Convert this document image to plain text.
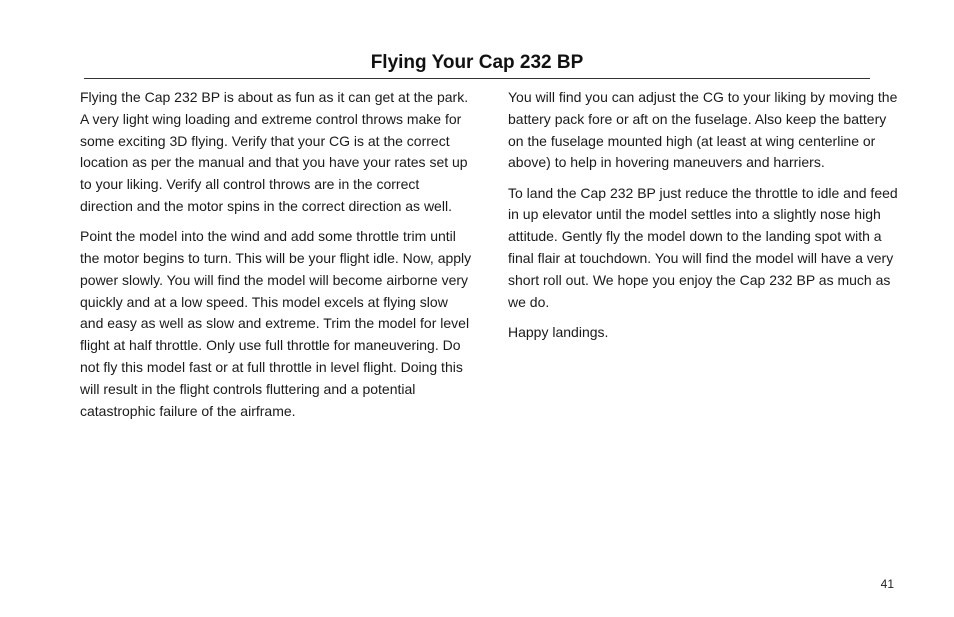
Flying Your Cap 232 BP

Flying the Cap 232 BP is about as fun as it can get at the park. A very light wing loading and extreme control throws make for some exciting 3D flying. Verify that your CG is at the correct location as per the manual and that you have your rates set up to your liking. Verify all control throws are in the correct direction and the motor spins in the correct direction as well.

Point the model into the wind and add some throttle trim until the motor begins to turn. This will be your flight idle. Now, apply power slowly. You will find the model will become airborne very quickly and at a low speed. This model excels at flying slow and easy as well as slow and extreme. Trim the model for level flight at half throttle. Only use full throttle for maneuvering. Do not fly this model fast or at full throttle in level flight. Doing this will result in the flight controls fluttering and a potential catastrophic failure of the airframe.

You will find you can adjust the CG to your liking by moving the battery pack fore or aft on the fuselage. Also keep the battery on the fuselage mounted high (at least at wing centerline or above) to help in hovering maneuvers and harriers.

To land the Cap 232 BP just reduce the throttle to idle and feed in up elevator until the model settles into a slightly nose high attitude. Gently fly the model down to the landing spot with a final flair at touchdown. You will find the model will have a very short roll out. We hope you enjoy the Cap 232 BP as much as we do.

Happy landings.

41
